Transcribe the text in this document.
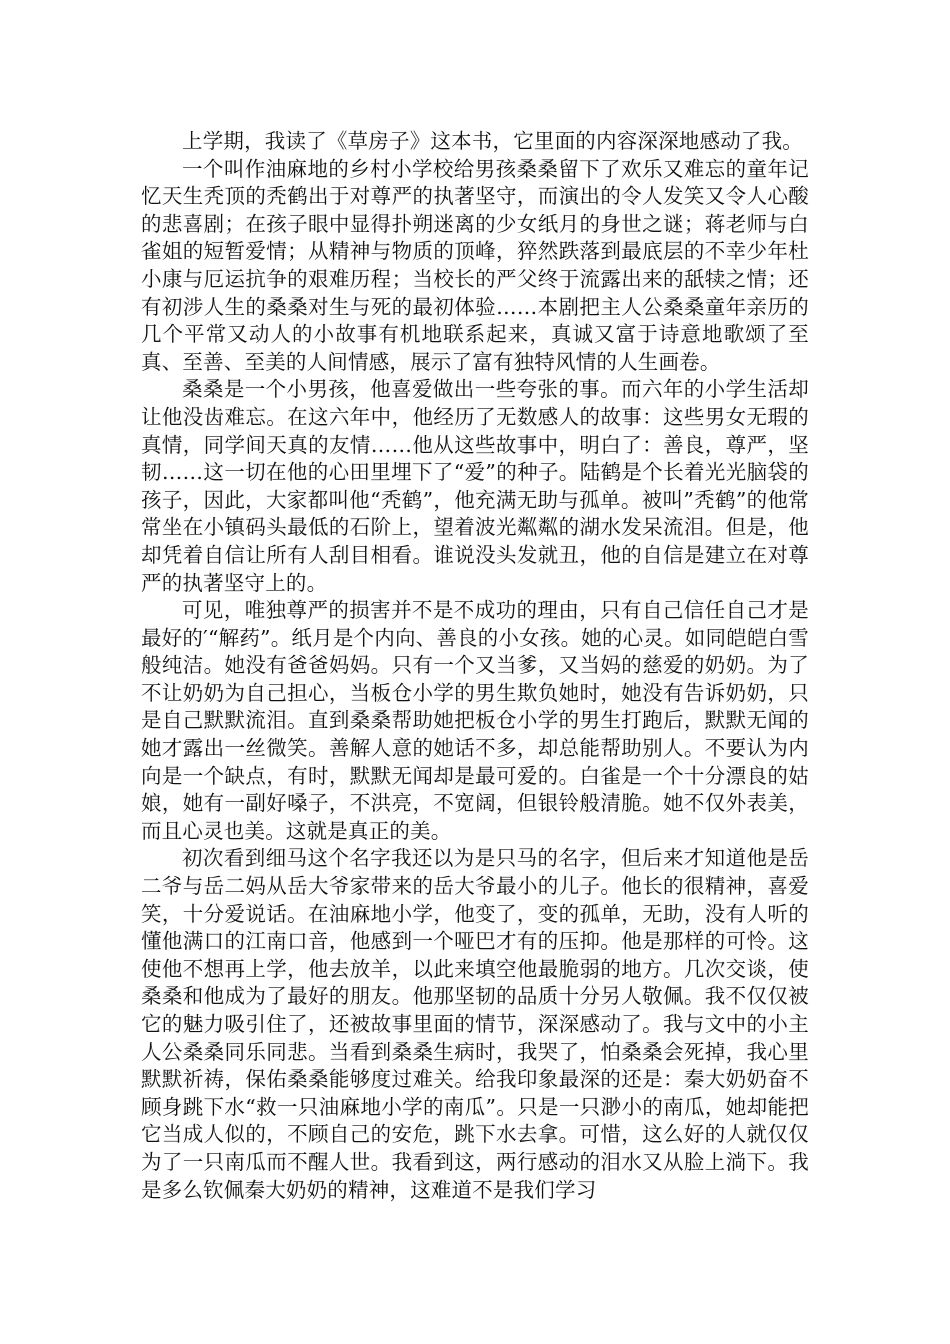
上学期，我读了《草房子》这本书，它里面的内容深深地感动了我。

一个叫作油麻地的乡村小学校给男孩桑桑留下了欢乐又难忘的童年记忆天生秃顶的秃鹤出于对尊严的执著坚守，而演出的令人发笑又令人心酸的悲喜剧；在孩子眼中显得扑朔迷离的少女纸月的身世之谜；蒋老师与白雀姐的短暂爱情；从精神与物质的顶峰，猝然跌落到最底层的不幸少年杜小康与厄运抗争的艰难历程；当校长的严父终于流露出来的舐犊之情；还有初涉人生的桑桑对生与死的最初体验……本剧把主人公桑桑童年亲历的几个平常又动人的小故事有机地联系起来，真诚又富于诗意地歌颂了至真、至善、至美的人间情感，展示了富有独特风情的人生画卷。

桑桑是一个小男孩，他喜爱做出一些夸张的事。而六年的小学生活却让他没齿难忘。在这六年中，他经历了无数感人的故事：这些男女无瑕的真情，同学间天真的友情……他从这些故事中，明白了：善良，尊严，坚韧……这一切在他的心田里埋下了“爱”的种子。陆鹤是个长着光光脑袋的孩子，因此，大家都叫他“秃鹤”，他充满无助与孤单。被叫”秃鹤”的他常常坐在小镇码头最低的石阶上，望着波光粼粼的湖水发呆流泪。但是，他却凭着自信让所有人刮目相看。谁说没头发就丑，他的自信是建立在对尊严的执著坚守上的。

可见，唯独尊严的损害并不是不成功的理由，只有自己信任自己才是最好的′“解药”。纸月是个内向、善良的小女孩。她的心灵。如同皑皑白雪般纯洁。她没有爸爸妈妈。只有一个又当爹，又当妈的慈爱的奶奶。为了不让奶奶为自己担心，当板仓小学的男生欺负她时，她没有告诉奶奶，只是自己默默流泪。直到桑桑帮助她把板仓小学的男生打跑后，默默无闻的她才露出一丝微笑。善解人意的她话不多，却总能帮助别人。不要认为内向是一个缺点，有时，默默无闻却是最可爱的。白雀是一个十分漂良的姑娘，她有一副好嗓子，不洪亮，不宽阔，但银铃般清脆。她不仅外表美，而且心灵也美。这就是真正的美。

初次看到细马这个名字我还以为是只马的名字，但后来才知道他是岳二爷与岳二妈从岳大爷家带来的岳大爷最小的儿子。他长的很精神，喜爱笑，十分爱说话。在油麻地小学，他变了，变的孤单，无助，没有人听的懂他满口的江南口音，他感到一个哑巴才有的压抑。他是那样的可怜。这使他不想再上学，他去放羊，以此来填空他最脆弱的地方。几次交谈，使桑桑和他成为了最好的朋友。他那坚韧的品质十分另人敬佩。我不仅仅被它的魅力吸引住了，还被故事里面的情节，深深感动了。我与文中的小主人公桑桑同乐同悲。当看到桑桑生病时，我哭了，怕桑桑会死掉，我心里默默祈祷，保佑桑桑能够度过难关。给我印象最深的还是：秦大奶奶奋不顾身跳下水“救一只油麻地小学的南瓜”。只是一只渺小的南瓜，她却能把它当成人似的，不顾自己的安危，跳下水去拿。可惜，这么好的人就仅仅为了一只南瓜而不醒人世。我看到这，两行感动的泪水又从脸上淌下。我是多么钦佩秦大奶奶的精神，这难道不是我们学习
